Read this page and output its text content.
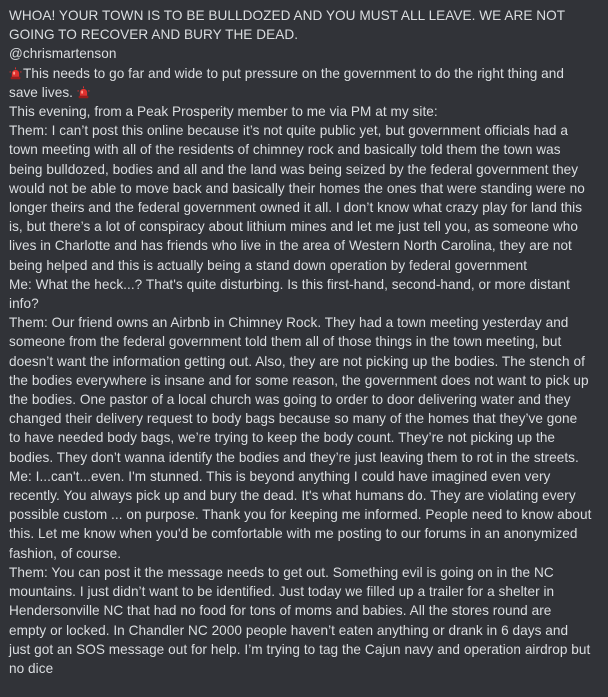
WHOA! YOUR TOWN IS TO BE BULLDOZED AND YOU MUST ALL LEAVE. WE ARE NOT GOING TO RECOVER AND BURY THE DEAD.
@chrismartenson
This needs to go far and wide to put pressure on the government to do the right thing and save lives.
This evening, from a Peak Prosperity member to me via PM at my site:
Them: I can’t post this online because it’s not quite public yet, but government officials had a town meeting with all of the residents of chimney rock and basically told them the town was being bulldozed, bodies and all and the land was being seized by the federal government they would not be able to move back and basically their homes the ones that were standing were no longer theirs and the federal government owned it all. I don’t know what crazy play for land this is, but there’s a lot of conspiracy about lithium mines and let me just tell you, as someone who lives in Charlotte and has friends who live in the area of Western North Carolina, they are not being helped and this is actually being a stand down operation by federal government
Me: What the heck...? That's quite disturbing. Is this first-hand, second-hand, or more distant info?
Them: Our friend owns an Airbnb in Chimney Rock. They had a town meeting yesterday and someone from the federal government told them all of those things in the town meeting, but doesn’t want the information getting out. Also, they are not picking up the bodies. The stench of the bodies everywhere is insane and for some reason, the government does not want to pick up the bodies. One pastor of a local church was going to order to door delivering water and they changed their delivery request to body bags because so many of the homes that they’ve gone to have needed body bags, we’re trying to keep the body count. They’re not picking up the bodies. They don’t wanna identify the bodies and they’re just leaving them to rot in the streets.
Me: I...can't...even. I'm stunned. This is beyond anything I could have imagined even very recently. You always pick up and bury the dead. It's what humans do. They are violating every possible custom ... on purpose. Thank you for keeping me informed. People need to know about this. Let me know when you'd be comfortable with me posting to our forums in an anonymized fashion, of course.
Them: You can post it the message needs to get out. Something evil is going on in the NC mountains. I just didn’t want to be identified. Just today we filled up a trailer for a shelter in Hendersonville NC that had no food for tons of moms and babies. All the stores round are empty or locked. In Chandler NC 2000 people haven’t eaten anything or drank in 6 days and just got an SOS message out for help. I’m trying to tag the Cajun navy and operation airdrop but no dice
